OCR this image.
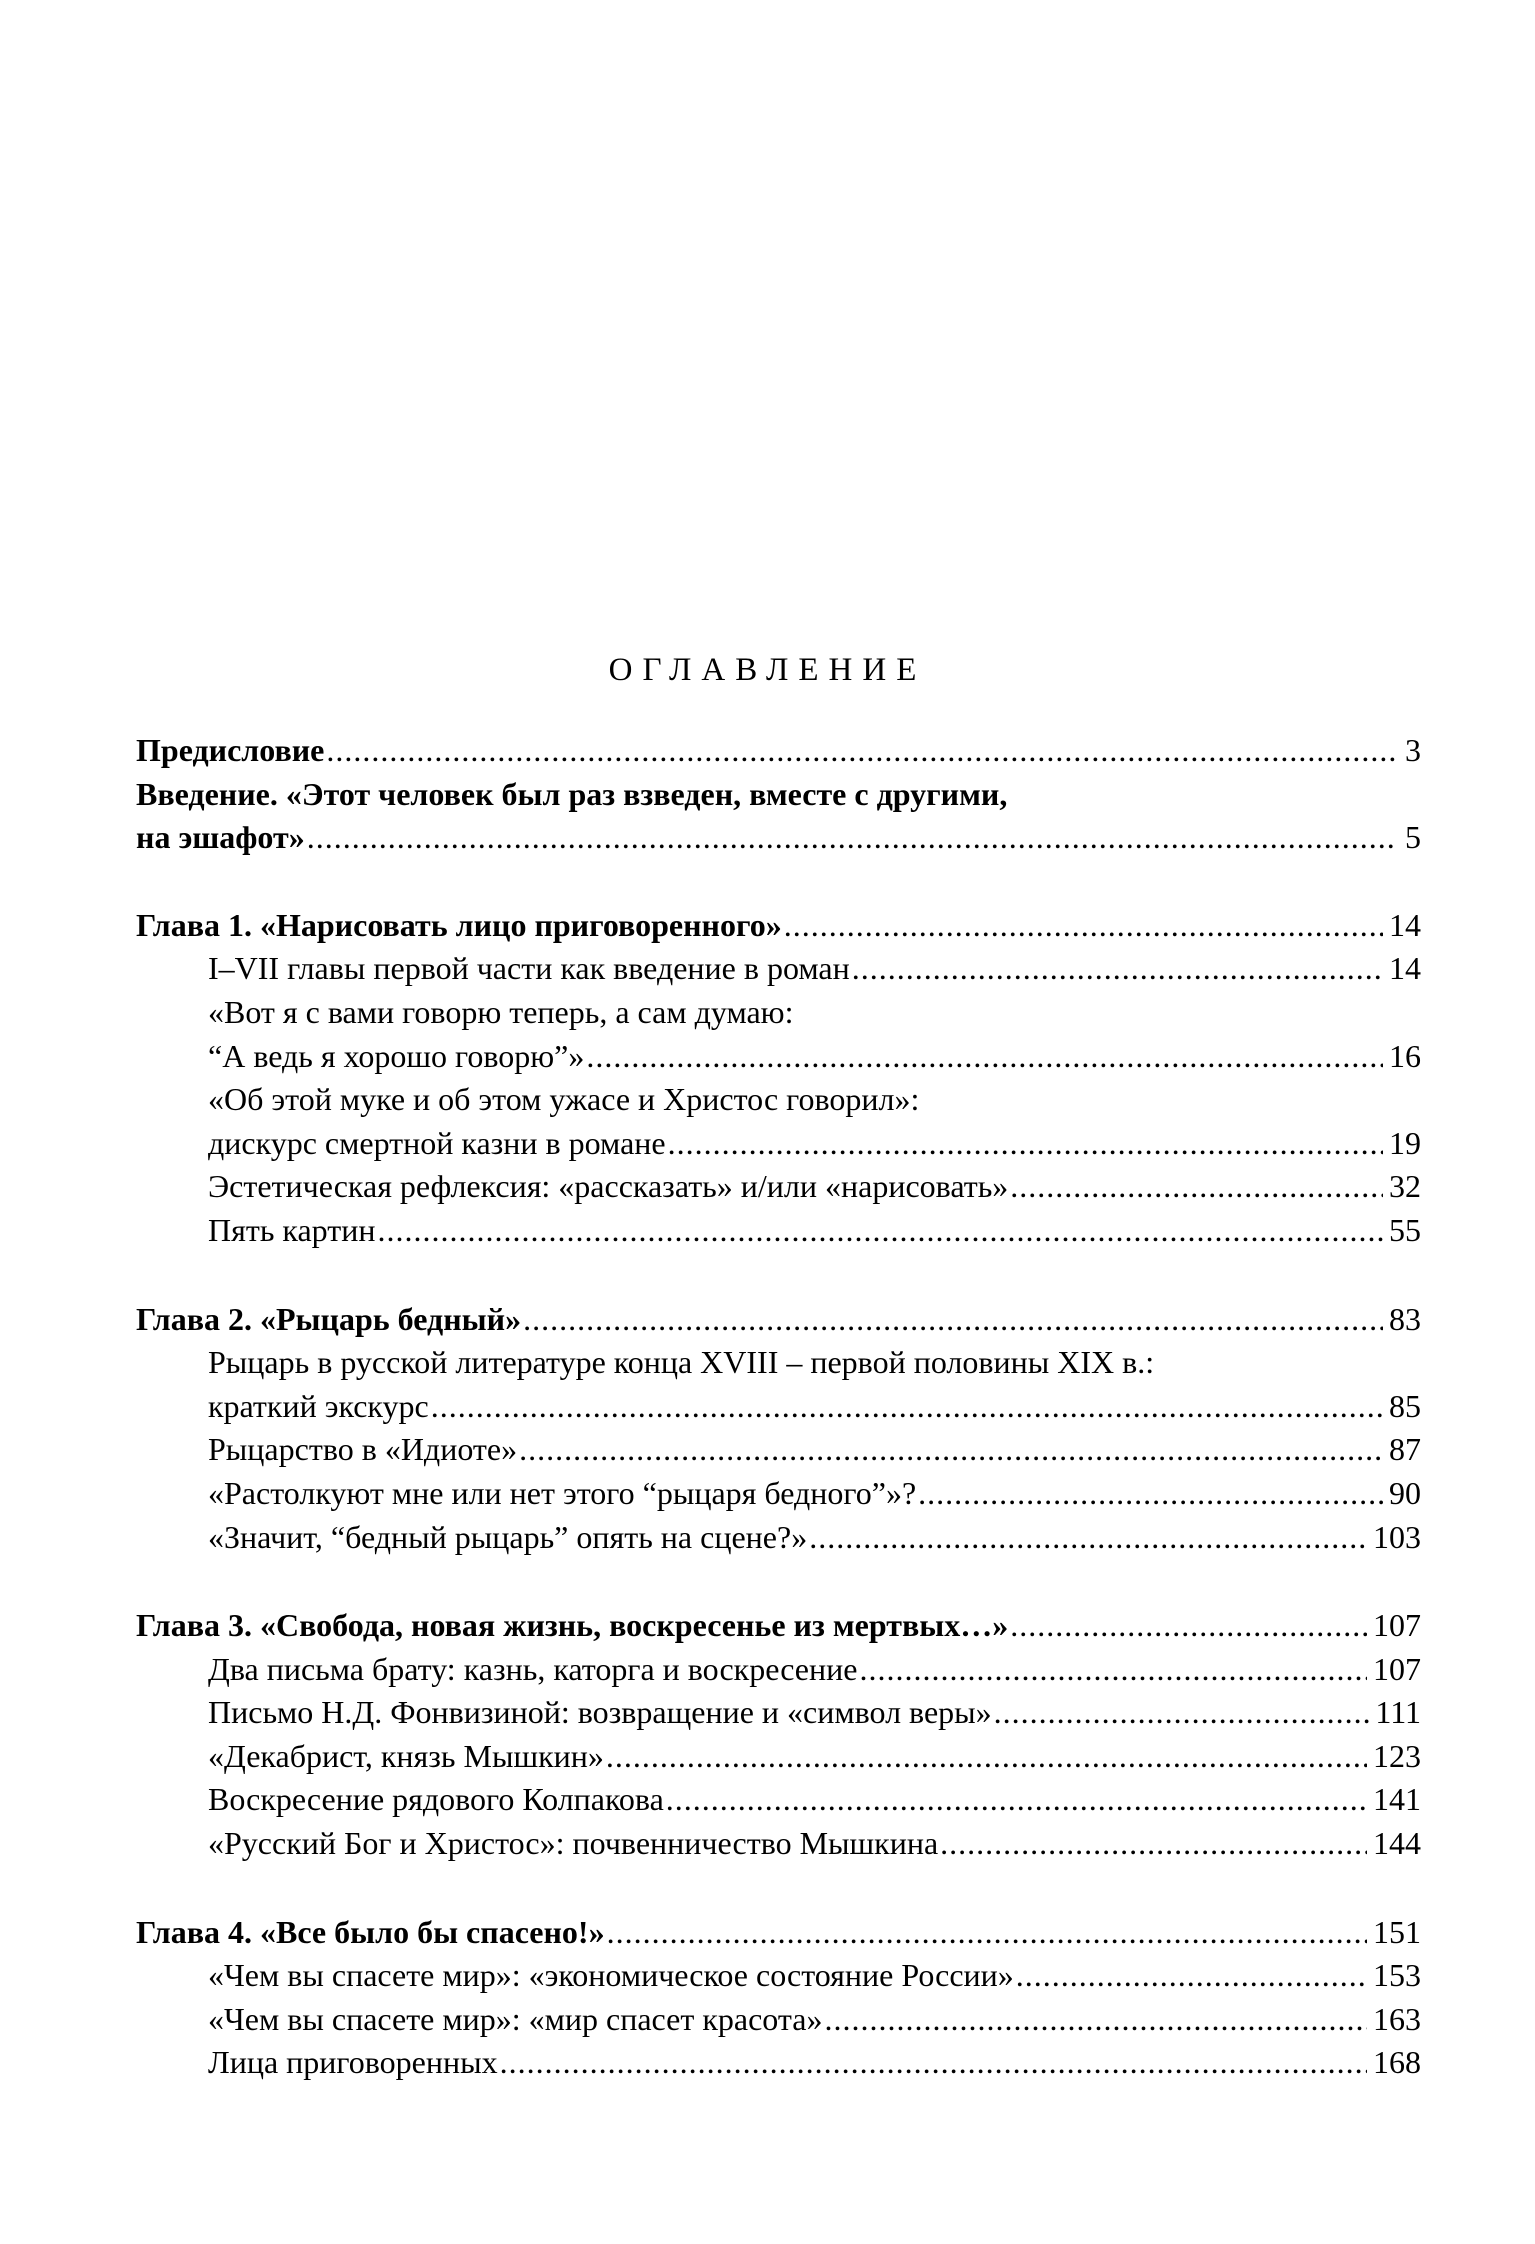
ОГЛАВЛЕНИЕ
Предисловие .....	3
Введение. «Этот человек был раз взведен, вместе с другими,
на эшафот» .....	5
Глава 1. «Нарисовать лицо приговоренного» .....	14
I–VII главы первой части как введение в роман .....	14
«Вот я с вами говорю теперь, а сам думаю:
“А ведь я хорошо говорю”» .....	16
«Об этой муке и об этом ужасе и Христос говорил»:
дискурс смертной казни в романе .....	19
Эстетическая рефлексия: «рассказать» и/или «нарисовать» .....	32
Пять картин .....	55
Глава 2. «Рыцарь бедный» .....	83
Рыцарь в русской литературе конца XVIII – первой половины XIX в.:
краткий экскурс .....	85
Рыцарство в «Идиоте» .....	87
«Растолкуют мне или нет этого “рыцаря бедного”»? .....	90
«Значит, “бедный рыцарь” опять на сцене?» .....	103
Глава 3. «Свобода, новая жизнь, воскресенье из мертвых…» .....	107
Два письма брату: казнь, каторга и воскресение .....	107
Письмо Н.Д. Фонвизиной: возвращение и «символ веры» .....	111
«Декабрист, князь Мышкин» .....	123
Воскресение рядового Колпакова .....	141
«Русский Бог и Христос»: почвенничество Мышкина .....	144
Глава 4. «Все было бы спасено!» .....	151
«Чем вы спасете мир»: «экономическое состояние России» .....	153
«Чем вы спасете мир»: «мир спасет красота» .....	163
Лица приговоренных .....	168
